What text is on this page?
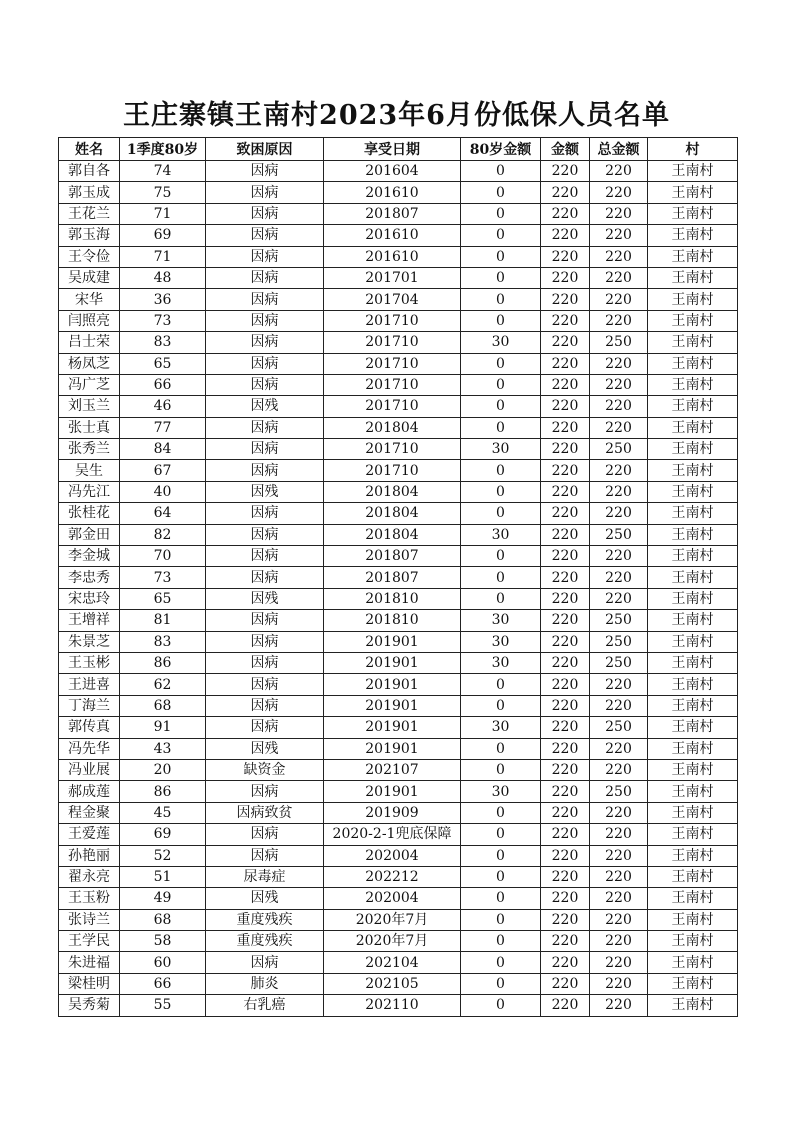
王庄寨镇王南村2023年6月份低保人员名单
姓名	1季度80岁	致困原因	享受日期	80岁金额	金额	总金额	村
郭自各	74	因病	201604	0	220	220	王南村
郭玉成	75	因病	201610	0	220	220	王南村
王花兰	71	因病	201807	0	220	220	王南村
郭玉海	69	因病	201610	0	220	220	王南村
王令俭	71	因病	201610	0	220	220	王南村
吴成建	48	因病	201701	0	220	220	王南村
宋华	36	因病	201704	0	220	220	王南村
闫照亮	73	因病	201710	0	220	220	王南村
吕士荣	83	因病	201710	30	220	250	王南村
杨凤芝	65	因病	201710	0	220	220	王南村
冯广芝	66	因病	201710	0	220	220	王南村
刘玉兰	46	因残	201710	0	220	220	王南村
张士真	77	因病	201804	0	220	220	王南村
张秀兰	84	因病	201710	30	220	250	王南村
吴生	67	因病	201710	0	220	220	王南村
冯先江	40	因残	201804	0	220	220	王南村
张桂花	64	因病	201804	0	220	220	王南村
郭金田	82	因病	201804	30	220	250	王南村
李金城	70	因病	201807	0	220	220	王南村
李忠秀	73	因病	201807	0	220	220	王南村
宋忠玲	65	因残	201810	0	220	220	王南村
王增祥	81	因病	201810	30	220	250	王南村
朱景芝	83	因病	201901	30	220	250	王南村
王玉彬	86	因病	201901	30	220	250	王南村
王进喜	62	因病	201901	0	220	220	王南村
丁海兰	68	因病	201901	0	220	220	王南村
郭传真	91	因病	201901	30	220	250	王南村
冯先华	43	因残	201901	0	220	220	王南村
冯业展	20	缺资金	202107	0	220	220	王南村
郝成莲	86	因病	201901	30	220	250	王南村
程金聚	45	因病致贫	201909	0	220	220	王南村
王爱莲	69	因病	2020-2-1兜底保障	0	220	220	王南村
孙艳丽	52	因病	202004	0	220	220	王南村
翟永亮	51	尿毒症	202212	0	220	220	王南村
王玉粉	49	因残	202004	0	220	220	王南村
张诗兰	68	重度残疾	2020年7月	0	220	220	王南村
王学民	58	重度残疾	2020年7月	0	220	220	王南村
朱进福	60	因病	202104	0	220	220	王南村
梁桂明	66	肺炎	202105	0	220	220	王南村
吴秀菊	55	右乳癌	202110	0	220	220	王南村
